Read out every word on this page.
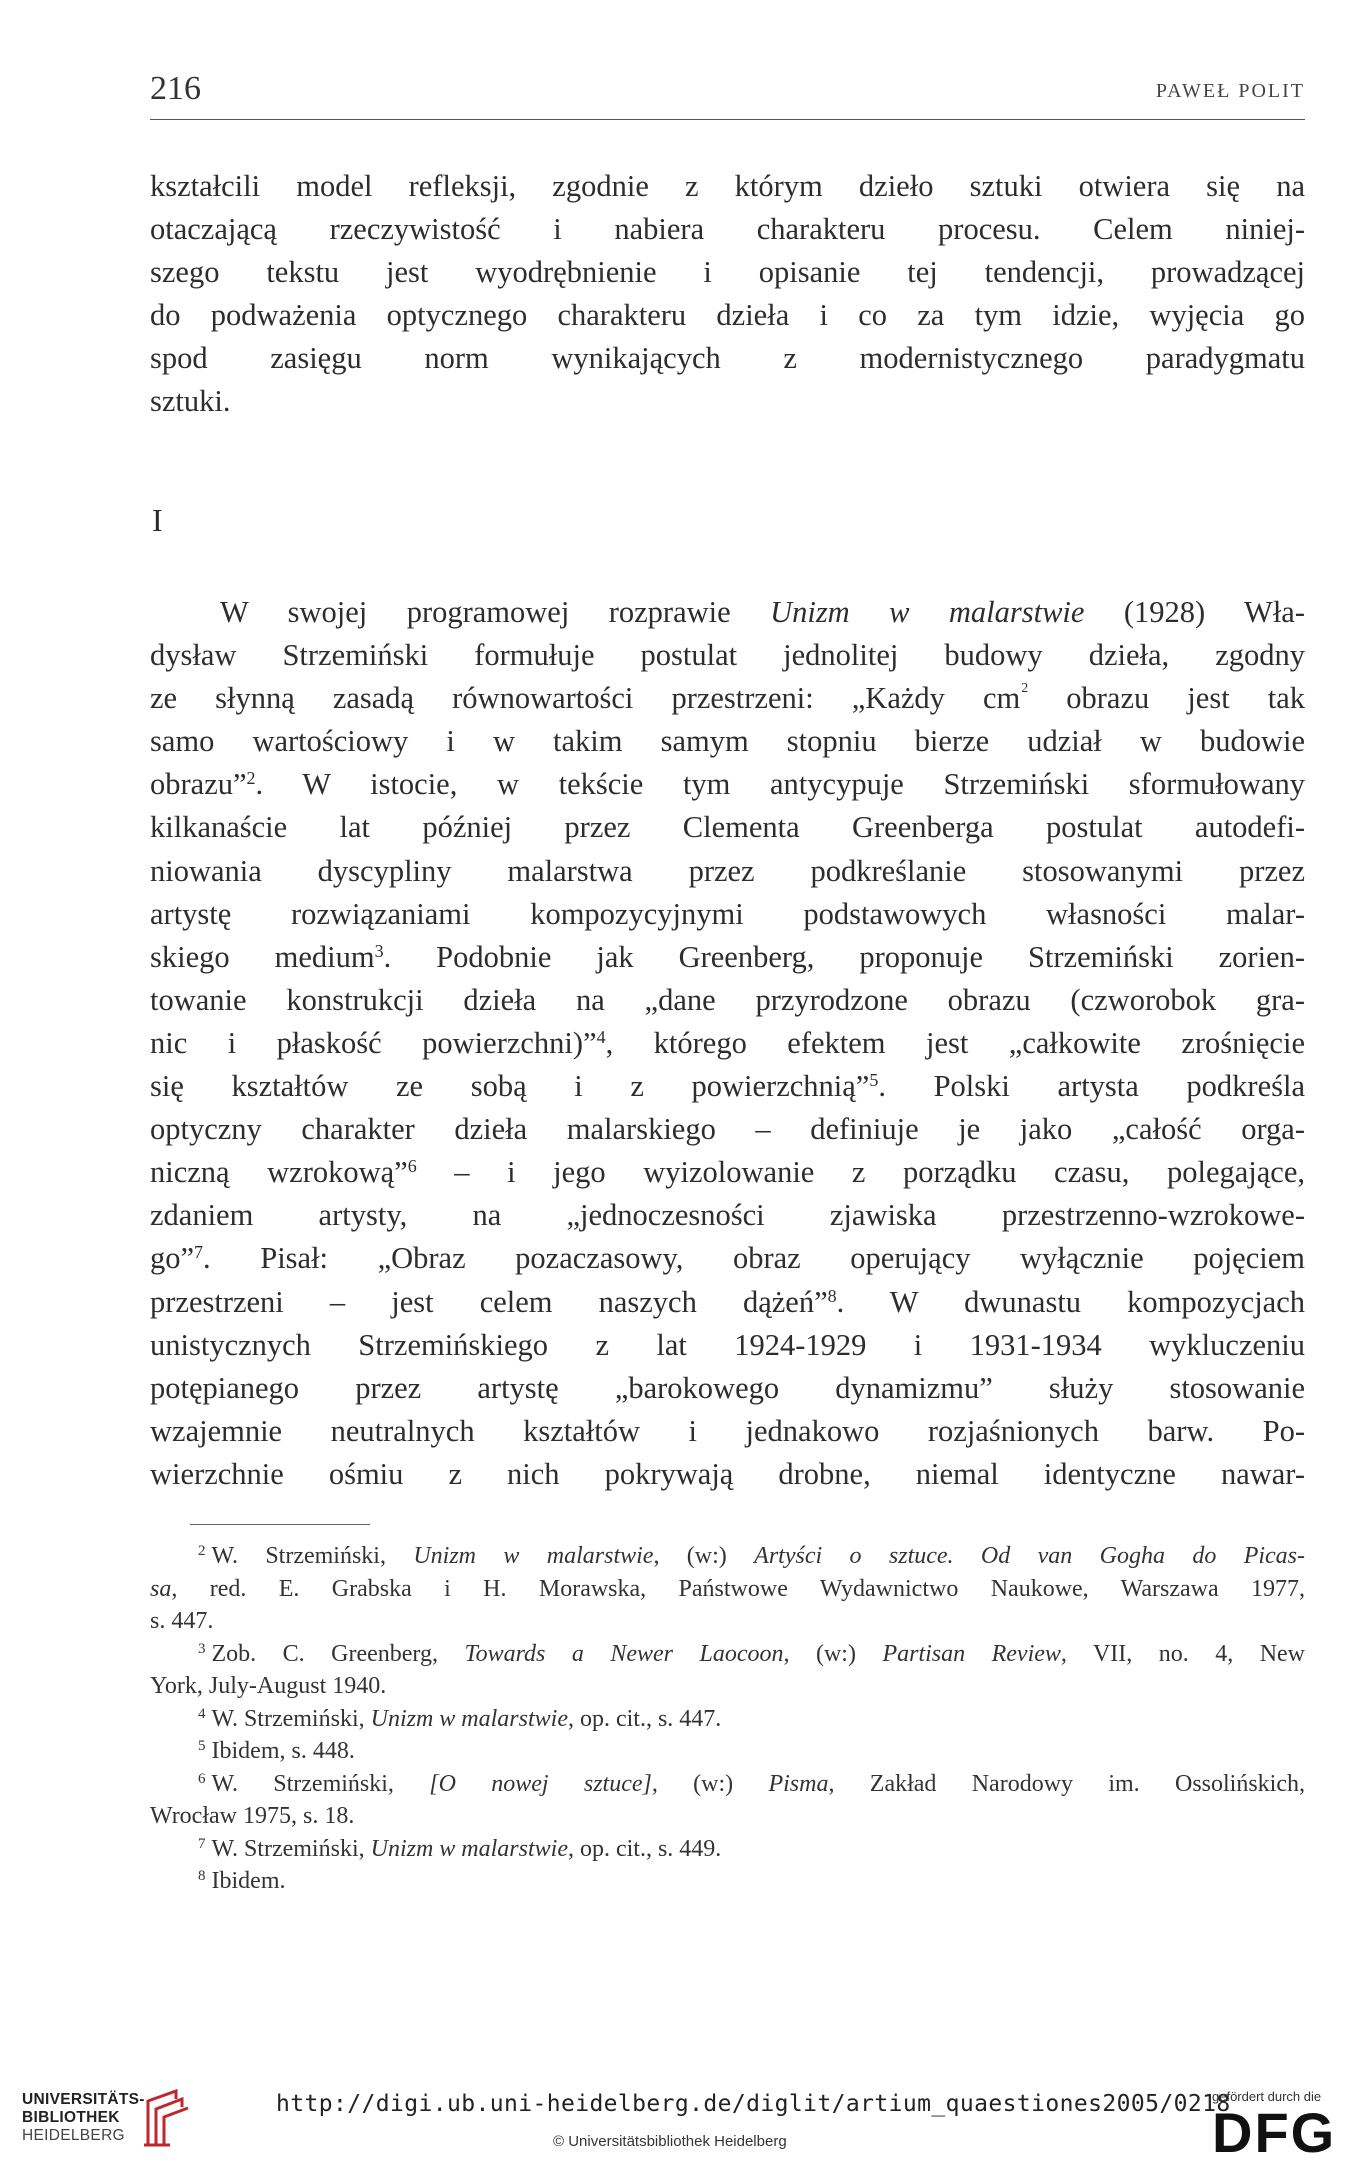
216	PAWEŁ POLIT
kształcili model refleksji, zgodnie z którym dzieło sztuki otwiera się na
otaczającą rzeczywistość i nabiera charakteru procesu. Celem niniej-
szego tekstu jest wyodrębnienie i opisanie tej tendencji, prowadzącej
do podważenia optycznego charakteru dzieła i co za tym idzie, wyjęcia go
spod zasięgu norm wynikających z modernistycznego paradygmatu
sztuki.
I
W swojej programowej rozprawie Unizm w malarstwie (1928) Wła-
dysław Strzemiński formułuje postulat jednolitej budowy dzieła, zgodny
ze słynną zasadą równowartości przestrzeni: „Każdy $cm^2$ obrazu jest tak
samo wartościowy i w takim samym stopniu bierze udział w budowie
obrazu”$^2$. W istocie, w tekście tym antycypuje Strzemiński sformułowany
kilkanaście lat później przez Clementa Greenberga postulat autodefi-
niowania dyscypliny malarstwa przez podkreślanie stosowanymi przez
artystę rozwiązaniami kompozycyjnymi podstawowych własności malar-
skiego medium$^3$. Podobnie jak Greenberg, proponuje Strzemiński zorien-
towanie konstrukcji dzieła na „dane przyrodzone obrazu (czworobok gra-
nic i płaskość powierzchni)”$^4$, którego efektem jest „całkowite zrośnięcie
się kształtów ze sobą i z powierzchnią”$^5$. Polski artysta podkreśla
optyczny charakter dzieła malarskiego – definiuje je jako „całość orga-
niczną wzrokową”$^6$ – i jego wyizolowanie z porządku czasu, polegające,
zdaniem artysty, na „jednoczesności zjawiska przestrzenno-wzrokowe-
go”$^7$. Pisał: „Obraz pozaczasowy, obraz operujący wyłącznie pojęciem
przestrzeni – jest celem naszych dążeń”$^8$. W dwunastu kompozycjach
unistycznych Strzemińskiego z lat 1924-1929 i 1931-1934 wykluczeniu
potępianego przez artystę „barokowego dynamizmu” służy stosowanie
wzajemnie neutralnych kształtów i jednakowo rozjaśnionych barw. Po-
wierzchnie ośmiu z nich pokrywają drobne, niemal identyczne nawar-
$^2$ W. Strzemiński, Unizm w malarstwie, (w:) Artyści o sztuce. Od van Gogha do Picas-
sa, red. E. Grabska i H. Morawska, Państwowe Wydawnictwo Naukowe, Warszawa 1977,
s. 447.
$^3$ Zob. C. Greenberg, Towards a Newer Laocoon, (w:) Partisan Review, VII, no. 4, New
York, July-August 1940.
$^4$ W. Strzemiński, Unizm w malarstwie, op. cit., s. 447.
$^5$ Ibidem, s. 448.
$^6$ W. Strzemiński, [O nowej sztuce], (w:) Pisma, Zakład Narodowy im. Ossolińskich,
Wrocław 1975, s. 18.
$^7$ W. Strzemiński, Unizm w malarstwie, op. cit., s. 449.
$^8$ Ibidem.
UNIVERSITÄTS-
BIBLIOTHEK
HEIDELBERG
http://digi.ub.uni-heidelberg.de/diglit/artium_quaestiones2005/0218
© Universitätsbibliothek Heidelberg
gefördert durch die
DFG
